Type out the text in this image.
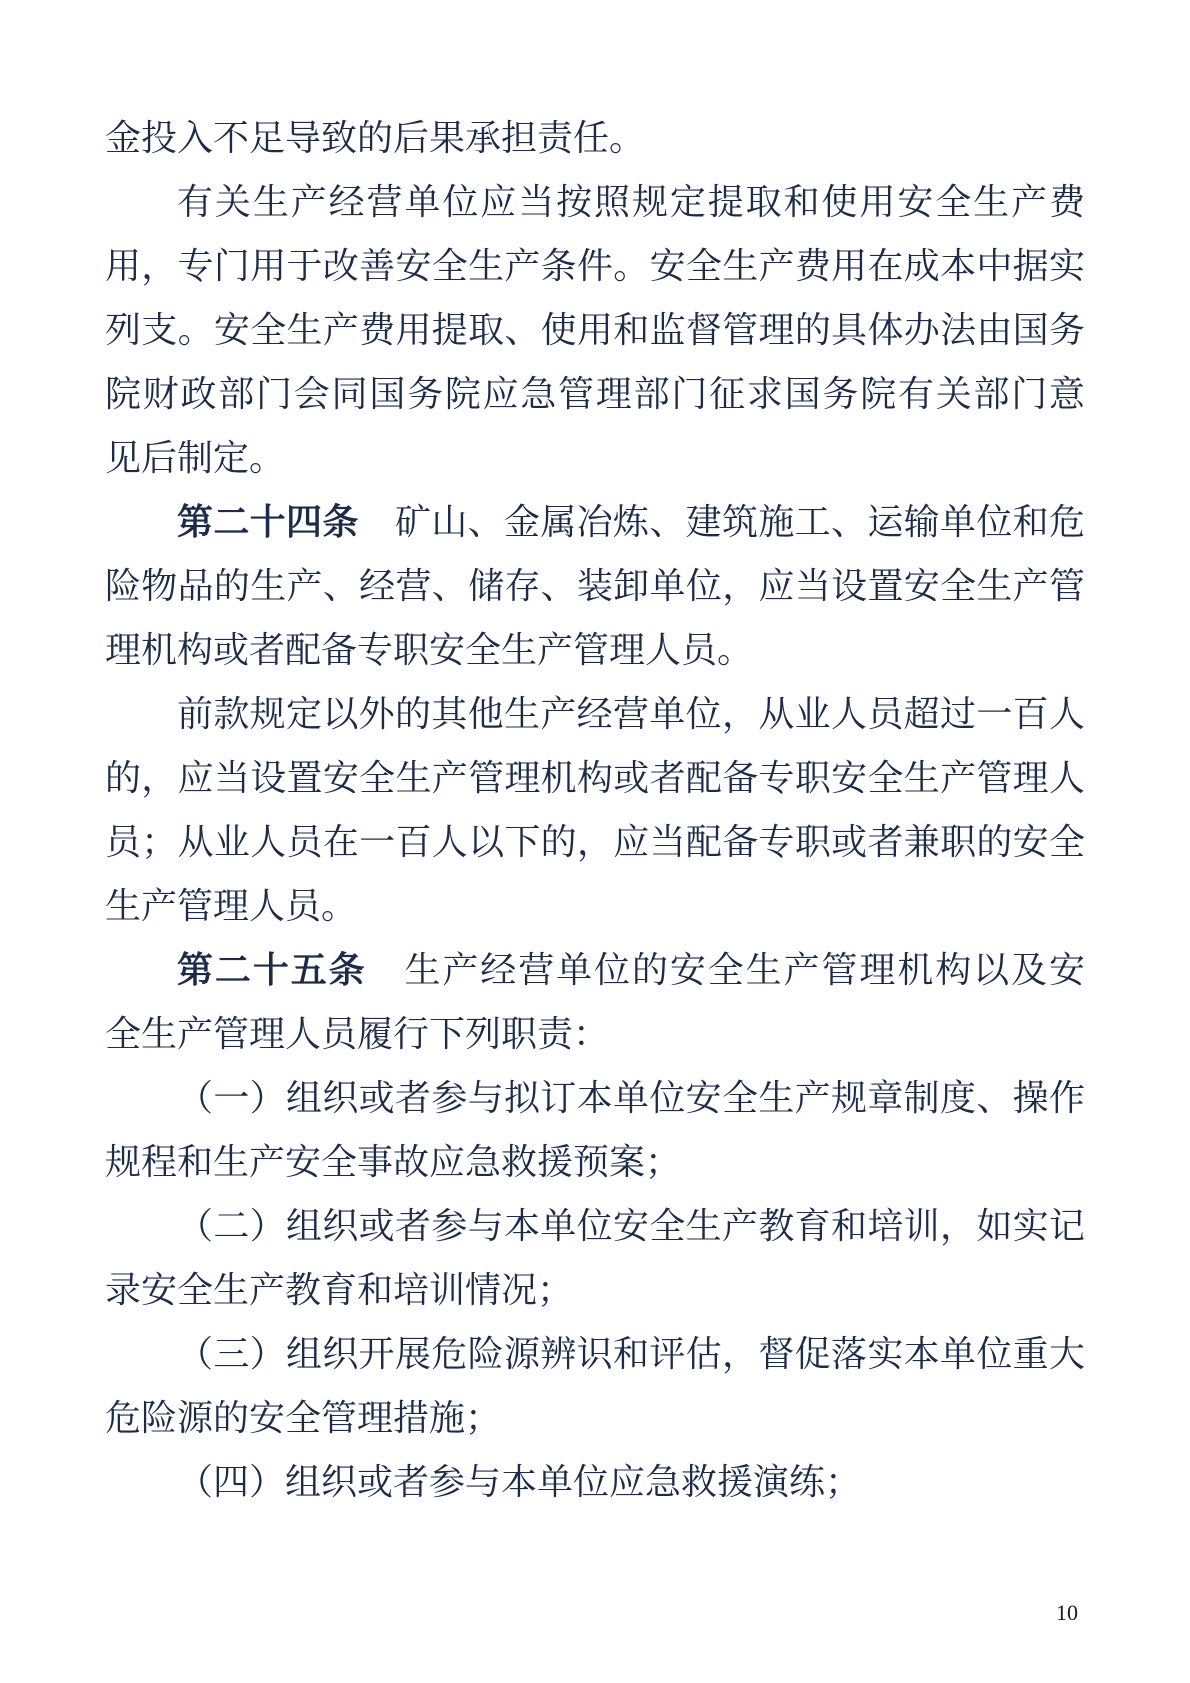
金投入不足导致的后果承担责任。
有关生产经营单位应当按照规定提取和使用安全生产费
用，专门用于改善安全生产条件。安全生产费用在成本中据实
列支。安全生产费用提取、使用和监督管理的具体办法由国务
院财政部门会同国务院应急管理部门征求国务院有关部门意
见后制定。
第二十四条　矿山、金属冶炼、建筑施工、运输单位和危
险物品的生产、经营、储存、装卸单位，应当设置安全生产管
理机构或者配备专职安全生产管理人员。
前款规定以外的其他生产经营单位，从业人员超过一百人
的，应当设置安全生产管理机构或者配备专职安全生产管理人
员；从业人员在一百人以下的，应当配备专职或者兼职的安全
生产管理人员。
第二十五条　生产经营单位的安全生产管理机构以及安
全生产管理人员履行下列职责：
（一）组织或者参与拟订本单位安全生产规章制度、操作
规程和生产安全事故应急救援预案；
（二）组织或者参与本单位安全生产教育和培训，如实记
录安全生产教育和培训情况；
（三）组织开展危险源辨识和评估，督促落实本单位重大
危险源的安全管理措施；
（四）组织或者参与本单位应急救援演练；
10
